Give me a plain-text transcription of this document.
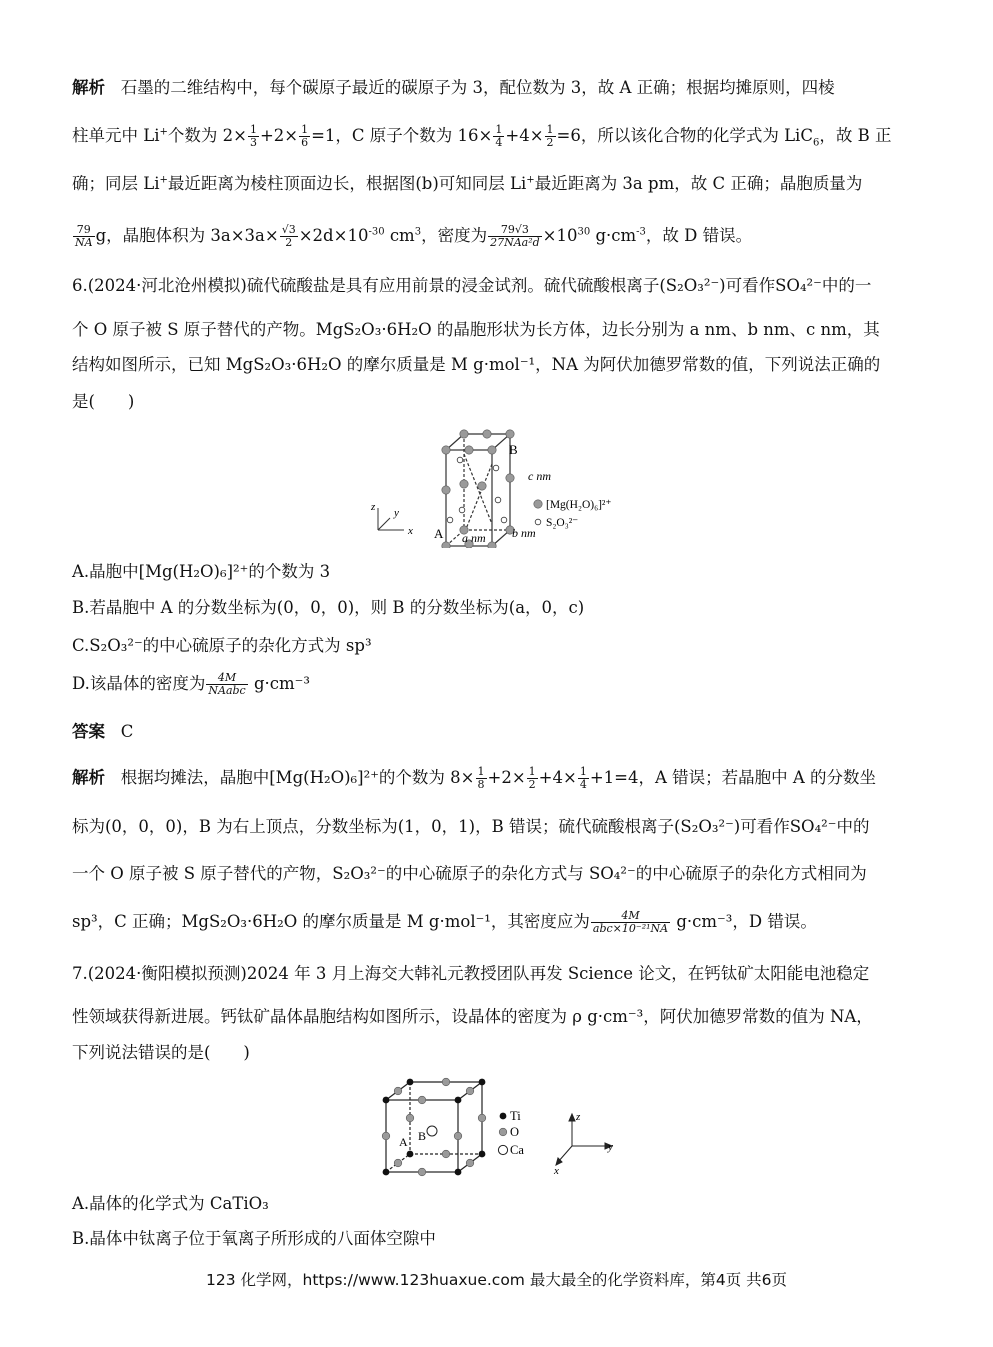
解析 石墨的二维结构中，每个碳原子最近的碳原子为 3，配位数为 3，故 A 正确；根据均摊原则，四棱
柱单元中 Li+个数为 $2\times \frac{1}{3} +2\times \frac{1}{6} =1$，C 原子个数为 $16\times \frac{1}{4} +4\times \frac{1}{2} =6$，所以该化合物的化学式为 LiC$_6$，故 B 正
确；同层 Li+最近距离为棱柱顶面边长，根据图(b)可知同层 Li+最近距离为 3a pm，故 C 正确；晶胞质量为
$\frac{79}{NA}$ g，晶胞体积为 $3a\times 3a\times \frac{√3}{2} \times 2d\times 10^{-30}$ $cm^3$，密度为 $\frac{79√3}{\text{27NAa²d}} \times 10^{30}$ $g\cdot cm^{-3}$，故 D 错误。
6.(2024·河北沧州模拟)硫代硫酸盐是具有应用前景的浸金试剂。硫代硫酸根离子(S₂O₃²⁻)可看作SO₄²⁻中的一
个 O 原子被 S 原子替代的产物。MgS₂O₃·6H₂O 的晶胞形状为长方体，边长分别为 a nm、b nm、c nm，其
结构如图所示，已知 MgS₂O₃·6H₂O 的摩尔质量是 M g·mol⁻¹，NA 为阿伏加德罗常数的值，下列说法正确的
是(　　)
A
B
c nm
a nm b nm
z y
x
[Mg(H₂O)₆]²⁺
S₂O₃²⁻
A.晶胞中[Mg(H₂O)₆]²⁺的个数为 3
B.若晶胞中 A 的分数坐标为(0，0，0)，则 B 的分数坐标为(a，0，c)
C.S₂O₃²⁻的中心硫原子的杂化方式为 sp³
D.该晶体的密度为 $\frac{4M}{\text{NAabc}} g\cdot cm^{-3}$
答案 C
解析 根据均摊法，晶胞中[Mg(H₂O)₆]²⁺的个数为 $8\times \frac{1}{8} +2\times \frac{1}{2} +4\times \frac{1}{4} +1=4$，A 错误；若晶胞中 A 的分数坐
标为(0，0，0)，B 为右上顶点，分数坐标为(1，0，1)，B 错误；硫代硫酸根离子(S₂O₃²⁻)可看作SO₄²⁻中的
一个 O 原子被 S 原子替代的产物，S₂O₃²⁻的中心硫原子的杂化方式与 SO₄²⁻的中心硫原子的杂化方式相同为
sp³，C 正确；MgS₂O₃·6H₂O 的摩尔质量是 M g·mol⁻¹，其密度应为 $\frac{4M}{\text{abc×10⁻²¹NA}} g\cdot cm^{-3}$，D 错误。
7.(2024·衡阳模拟预测)2024 年 3 月上海交大韩礼元教授团队再发 Science 论文，在钙钛矿太阳能电池稳定
性领域获得新进展。钙钛矿晶体晶胞结构如图所示，设晶体的密度为 ρ g·cm⁻³，阿伏加德罗常数的值为 NA，
下列说法错误的是(　　)
A B
Ti
O
Ca
z
y
x
A.晶体的化学式为 CaTiO₃
B.晶体中钛离子位于氧离子所形成的八面体空隙中
123 化学网，https://www.123huaxue.com 最大最全的化学资料库，第4页 共6页
